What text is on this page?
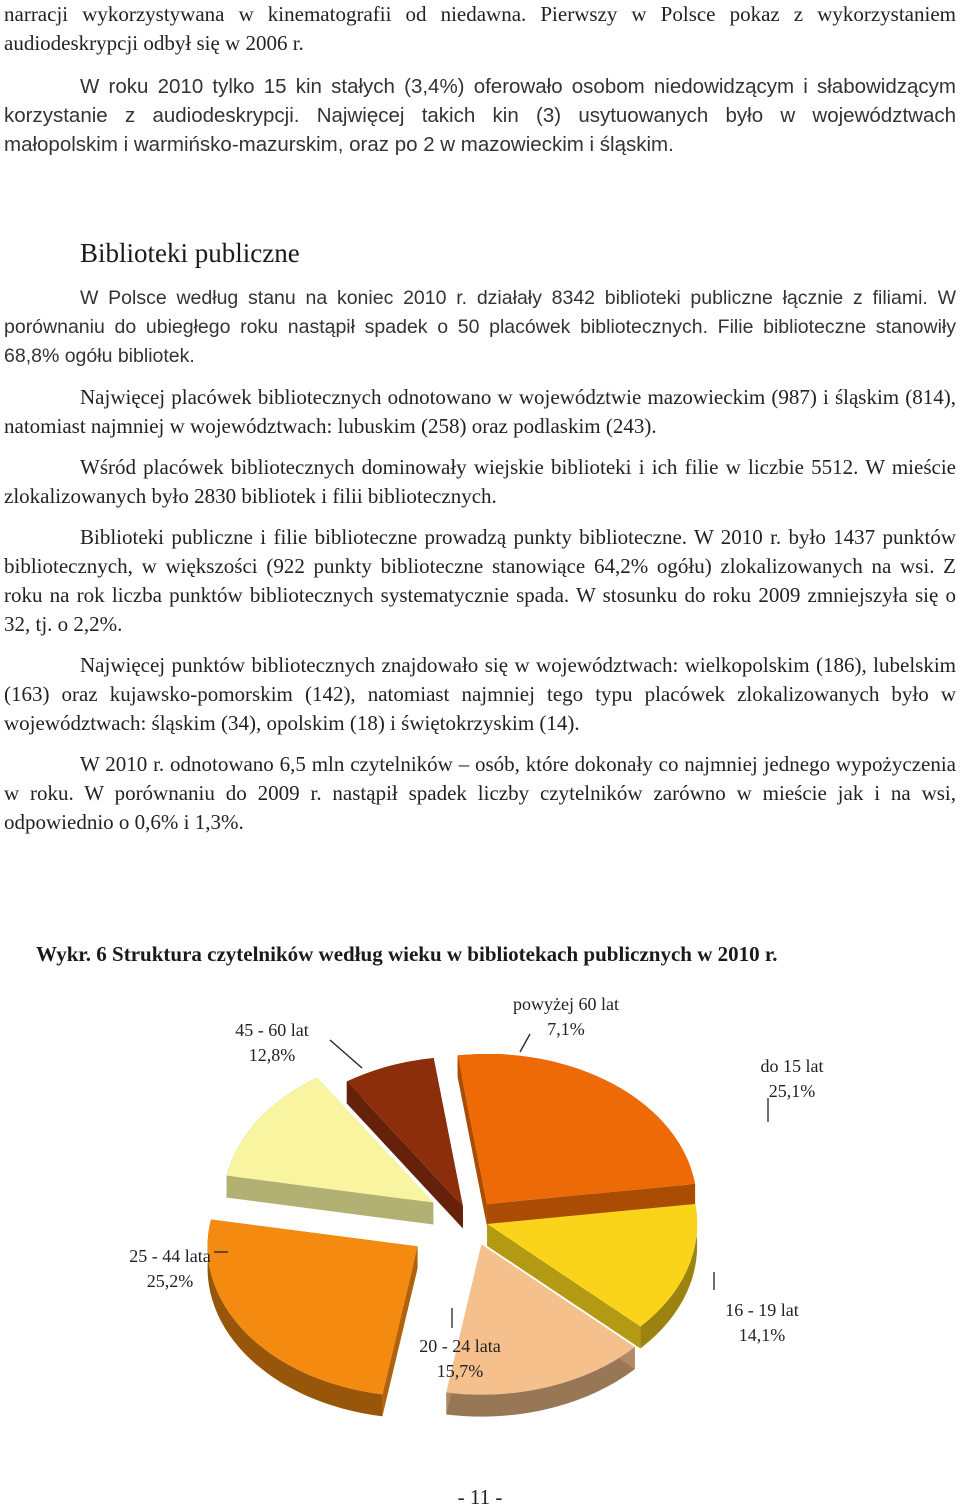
narracji wykorzystywana w kinematografii od niedawna. Pierwszy w Polsce pokaz z wykorzystaniem audiodeskrypcji odbył się w 2006 r.

W roku 2010 tylko 15 kin stałych (3,4%) oferowało osobom niedowidzącym i słabowidzącym korzystanie z audiodeskrypcji. Najwięcej takich kin (3) usytuowanych było w województwach małopolskim i warmińsko-mazurskim, oraz po 2 w mazowieckim i śląskim.

Biblioteki publiczne

W Polsce według stanu na koniec 2010 r. działały 8342 biblioteki publiczne łącznie z filiami. W porównaniu do ubiegłego roku nastąpił spadek o 50 placówek bibliotecznych. Filie biblioteczne stanowiły 68,8% ogółu bibliotek.

Najwięcej placówek bibliotecznych odnotowano w województwie mazowieckim (987) i śląskim (814), natomiast najmniej w województwach: lubuskim (258) oraz podlaskim (243).

Wśród placówek bibliotecznych dominowały wiejskie biblioteki i ich filie w liczbie 5512. W mieście zlokalizowanych było 2830 bibliotek i filii bibliotecznych.

Biblioteki publiczne i filie biblioteczne prowadzą punkty biblioteczne. W 2010 r. było 1437 punktów bibliotecznych, w większości (922 punkty biblioteczne stanowiące 64,2% ogółu) zlokalizowanych na wsi. Z roku na rok liczba punktów bibliotecznych systematycznie spada. W stosunku do roku 2009 zmniejszyła się o 32, tj. o 2,2%.

Najwięcej punktów bibliotecznych znajdowało się w województwach: wielkopolskim (186), lubelskim (163) oraz kujawsko-pomorskim (142), natomiast najmniej tego typu placówek zlokalizowanych było w województwach: śląskim (34), opolskim (18) i świętokrzyskim (14).

W 2010 r. odnotowano 6,5 mln czytelników – osób, które dokonały co najmniej jednego wypożyczenia w roku. W porównaniu do 2009 r. nastąpił spadek liczby czytelników zarówno w mieście jak i na wsi, odpowiednio o 0,6% i 1,3%.

Wykr. 6 Struktura czytelników według wieku w bibliotekach publicznych w 2010 r.

do 15 lat
25,1%
16 - 19 lat
14,1%
20 - 24 lata
15,7%
25 - 44 lata
25,2%
45 - 60 lat
12,8%
powyżej 60 lat
7,1%
- 11 -
